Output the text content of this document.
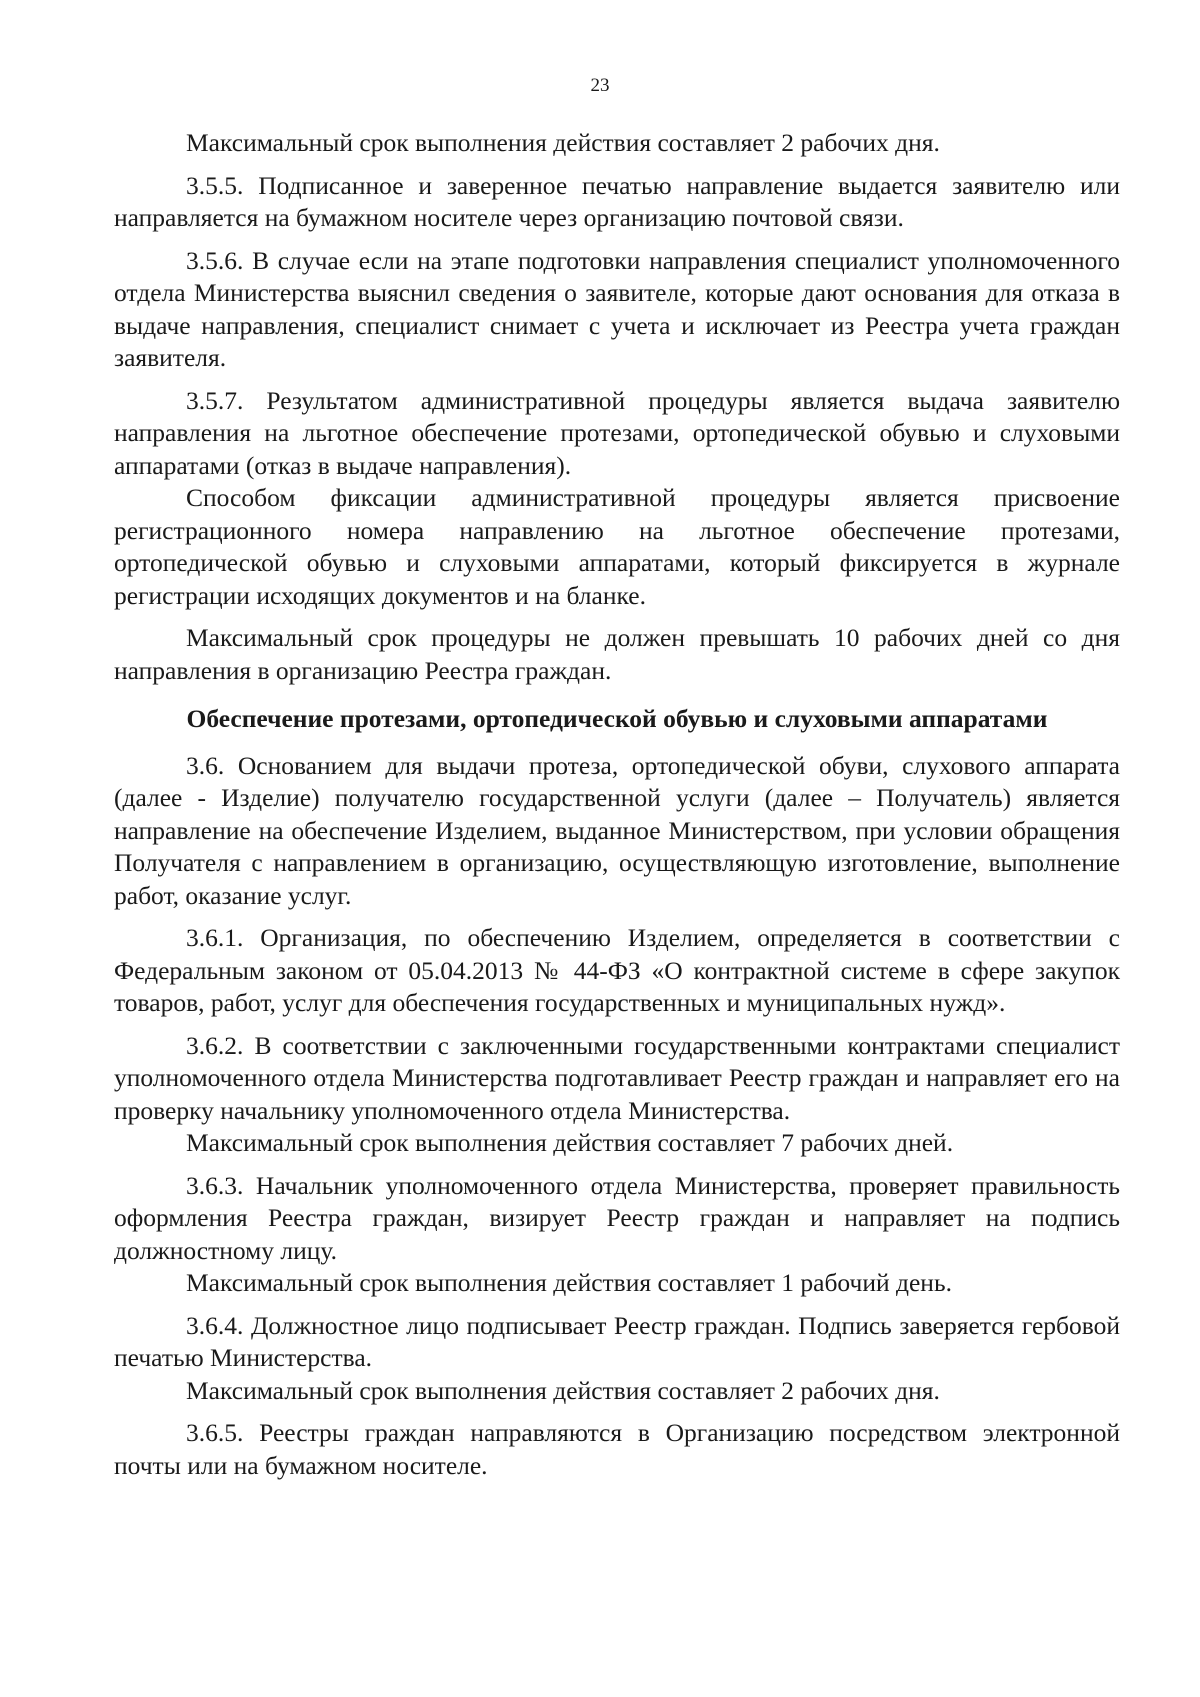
23

Максимальный срок выполнения действия составляет 2 рабочих дня.

3.5.5. Подписанное и заверенное печатью направление выдается заявителю или направляется на бумажном носителе через организацию почтовой связи.

3.5.6. В случае если на этапе подготовки направления специалист уполномоченного отдела Министерства выяснил сведения о заявителе, которые дают основания для отказа в выдаче направления, специалист снимает с учета и исключает из Реестра учета граждан заявителя.

3.5.7. Результатом административной процедуры является выдача заявителю направления на льготное обеспечение протезами, ортопедической обувью и слуховыми аппаратами (отказ в выдаче направления).

Способом фиксации административной процедуры является присвоение регистрационного номера направлению на льготное обеспечение протезами, ортопедической обувью и слуховыми аппаратами, который фиксируется в журнале регистрации исходящих документов и на бланке.

Максимальный срок процедуры не должен превышать 10 рабочих дней со дня направления в организацию Реестра граждан.

Обеспечение протезами, ортопедической обувью и слуховыми аппаратами

3.6. Основанием для выдачи протеза, ортопедической обуви, слухового аппарата (далее - Изделие) получателю государственной услуги (далее – Получатель) является направление на обеспечение Изделием, выданное Министерством, при условии обращения Получателя с направлением в организацию, осуществляющую изготовление, выполнение работ, оказание услуг.

3.6.1. Организация, по обеспечению Изделием, определяется в соответствии с Федеральным законом от 05.04.2013 № 44-ФЗ «О контрактной системе в сфере закупок товаров, работ, услуг для обеспечения государственных и муниципальных нужд».

3.6.2. В соответствии с заключенными государственными контрактами специалист уполномоченного отдела Министерства подготавливает Реестр граждан и направляет его на проверку начальнику уполномоченного отдела Министерства.

Максимальный срок выполнения действия составляет 7 рабочих дней.

3.6.3. Начальник уполномоченного отдела Министерства, проверяет правильность оформления Реестра граждан, визирует Реестр граждан и направляет на подпись должностному лицу.

Максимальный срок выполнения действия составляет 1 рабочий день.

3.6.4. Должностное лицо подписывает Реестр граждан. Подпись заверяется гербовой печатью Министерства.

Максимальный срок выполнения действия составляет 2 рабочих дня.

3.6.5. Реестры граждан направляются в Организацию посредством электронной почты или на бумажном носителе.
